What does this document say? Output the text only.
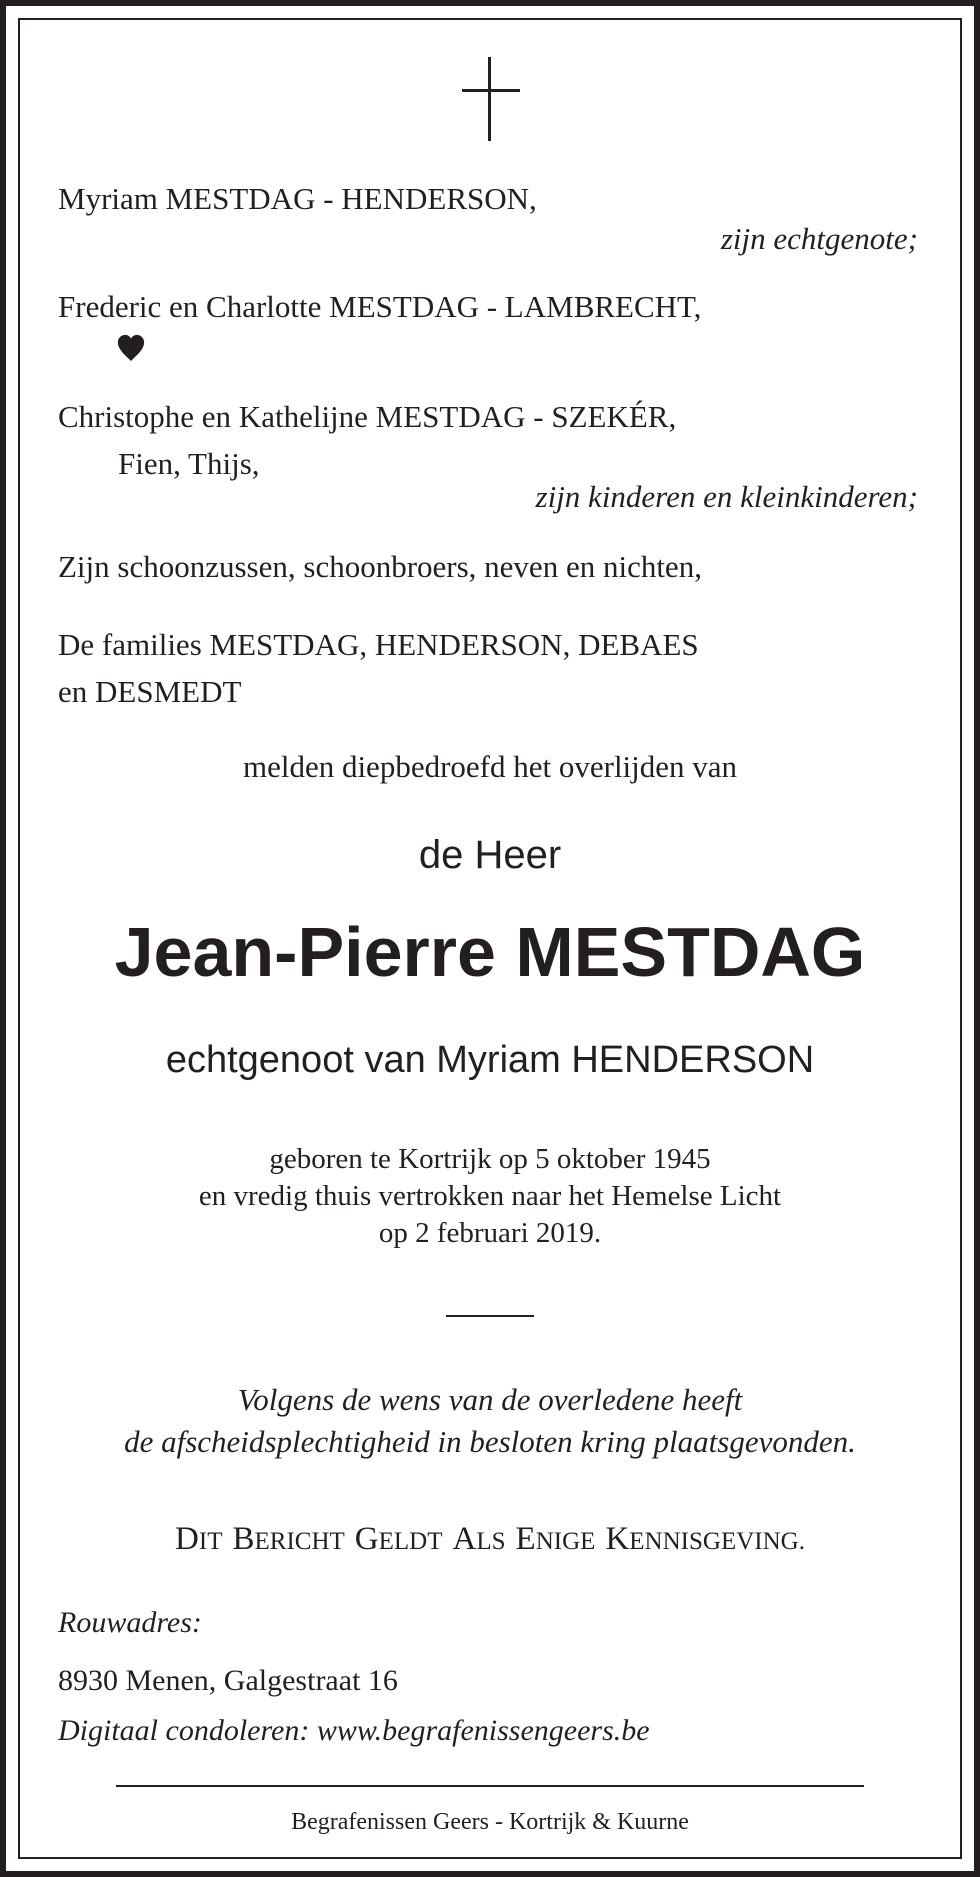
Myriam MESTDAG - HENDERSON,
zijn echtgenote;
Frederic en Charlotte MESTDAG - LAMBRECHT,
Christophe en Kathelijne MESTDAG - SZEKÉR,
Fien, Thijs,
zijn kinderen en kleinkinderen;
Zijn schoonzussen, schoonbroers, neven en nichten,
De families MESTDAG, HENDERSON, DEBAES
en DESMEDT
melden diepbedroefd het overlijden van
de Heer
Jean-Pierre MESTDAG
echtgenoot van Myriam HENDERSON
geboren te Kortrijk op 5 oktober 1945
en vredig thuis vertrokken naar het Hemelse Licht
op 2 februari 2019.
Volgens de wens van de overledene heeft
de afscheidsplechtigheid in besloten kring plaatsgevonden.
DIT BERICHT GELDT ALS ENIGE KENNISGEVING.
Rouwadres:
8930 Menen, Galgestraat 16
Digitaal condoleren: www.begrafenissengeers.be
Begrafenissen Geers - Kortrijk & Kuurne
